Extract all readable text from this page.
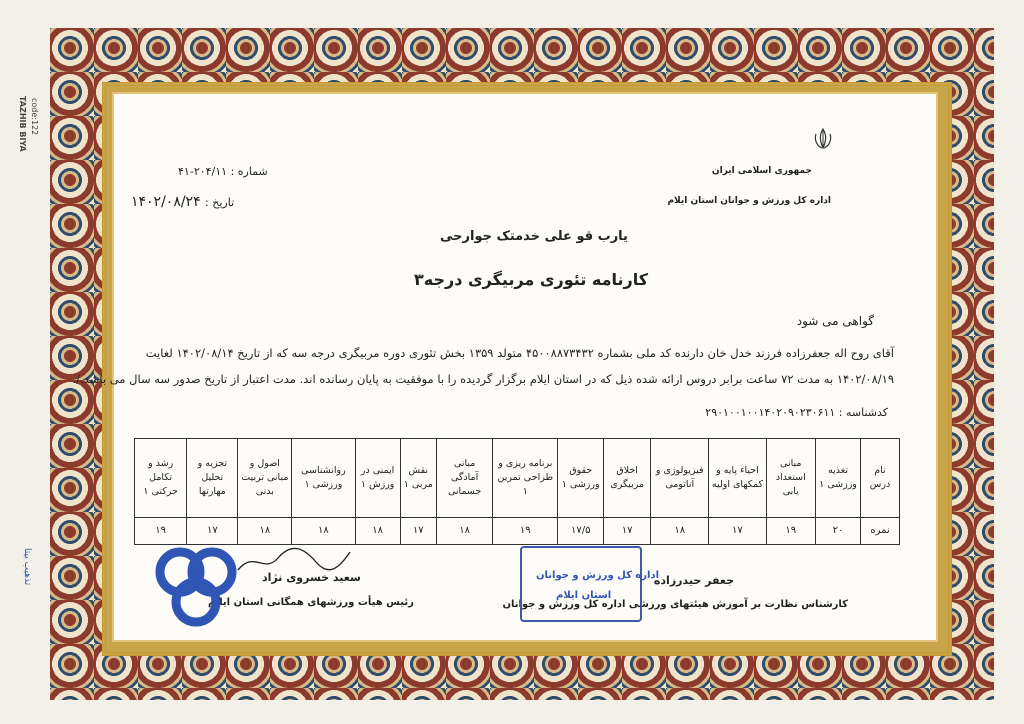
TAZHIB BIYA code:122
تذهیب بیتا
جمهوری اسلامی ایران
اداره کل ورزش و جوانان استان ایلام
شماره : ۲۰۴/۱۱-۴۱
تاریخ : ۱۴۰۲/۰۸/۲۴
یارب قو علی خدمتک جوارحی
کارنامه تئوری مربیگری درجه۳
گواهی می شود
آقای روح اله جعفرزاده فرزند خدل خان دارنده کد ملی بشماره ۴۵۰۰۸۸۷۳۴۳۲ متولد ۱۳۵۹ بخش تئوری دوره مربیگری درجه سه که از تاریخ ۱۴۰۲/۰۸/۱۴ لغایت
۱۴۰۲/۰۸/۱۹ به مدت ۷۲ ساعت برابر دروس ارائه شده ذیل که در استان ایلام برگزار گردیده را با موفقیت به پایان رسانده اند. مدت اعتبار از تاریخ صدور سه سال می باشد./.
کدشناسه : ۲۹۰۱۰۰۱۰۰۱۴۰۲۰۹۰۲۳۰۶۱۱
نام درس	تغذیه ورزشی ۱	مبانی استعداد یابی	احیاء پایه و کمکهای اولیه	فیزیولوژی و آناتومی	اخلاق مربیگری	حقوق ورزشی ۱	برنامه ریزی و طراحی تمرین ۱	مبانی آمادگی جسمانی	نقش مربی ۱	ایمنی در ورزش ۱	روانشناسی ورزشی ۱	اصول و مبانی تربیت بدنی	تجزیه و تحلیل مهارتها	رشد و تکامل حرکتی ۱
نمره	۲۰	۱۹	۱۷	۱۸	۱۷	۱۷/۵	۱۹	۱۸	۱۷	۱۸	۱۸	۱۸	۱۷	۱۹
جعفر حیدرزاده
کارشناس نظارت بر آموزش هیئتهای ورزشی اداره کل ورزش و جوانان
اداره کل ورزش و جوانان
استان ایلام
سعید خسروی نژاد
رئیس هیأت ورزشهای همگانی استان ایلام
